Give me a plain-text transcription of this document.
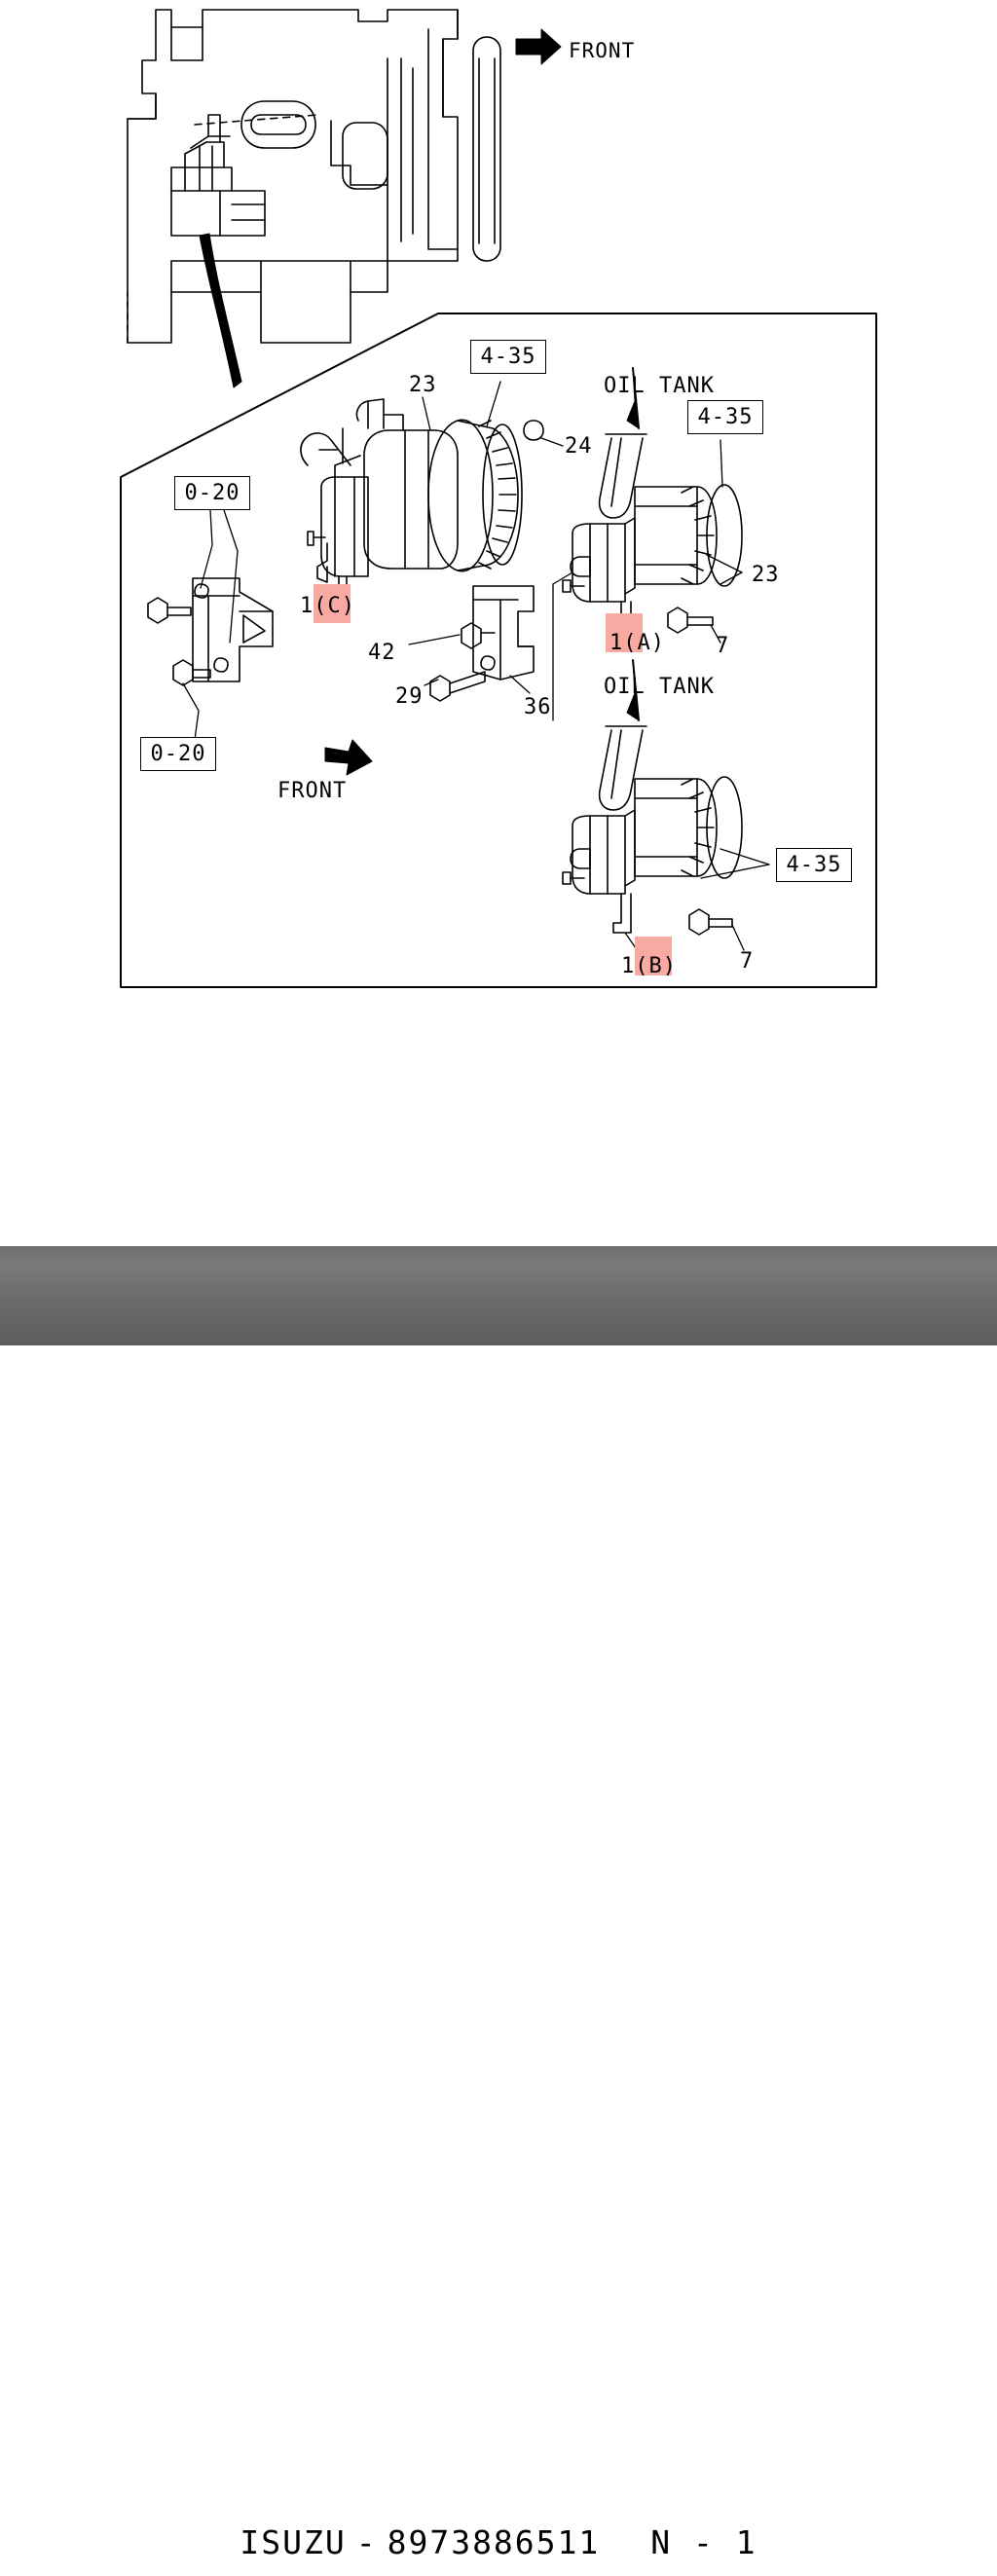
FRONT
4-35
4-35
4-35
0-20
0-20
23
24
23
7
7
42
29	36
OIL TANK
OIL TANK
FRONT
1(C)
1(A)
1(B)
ISUZU - 8973886511 N - 1
